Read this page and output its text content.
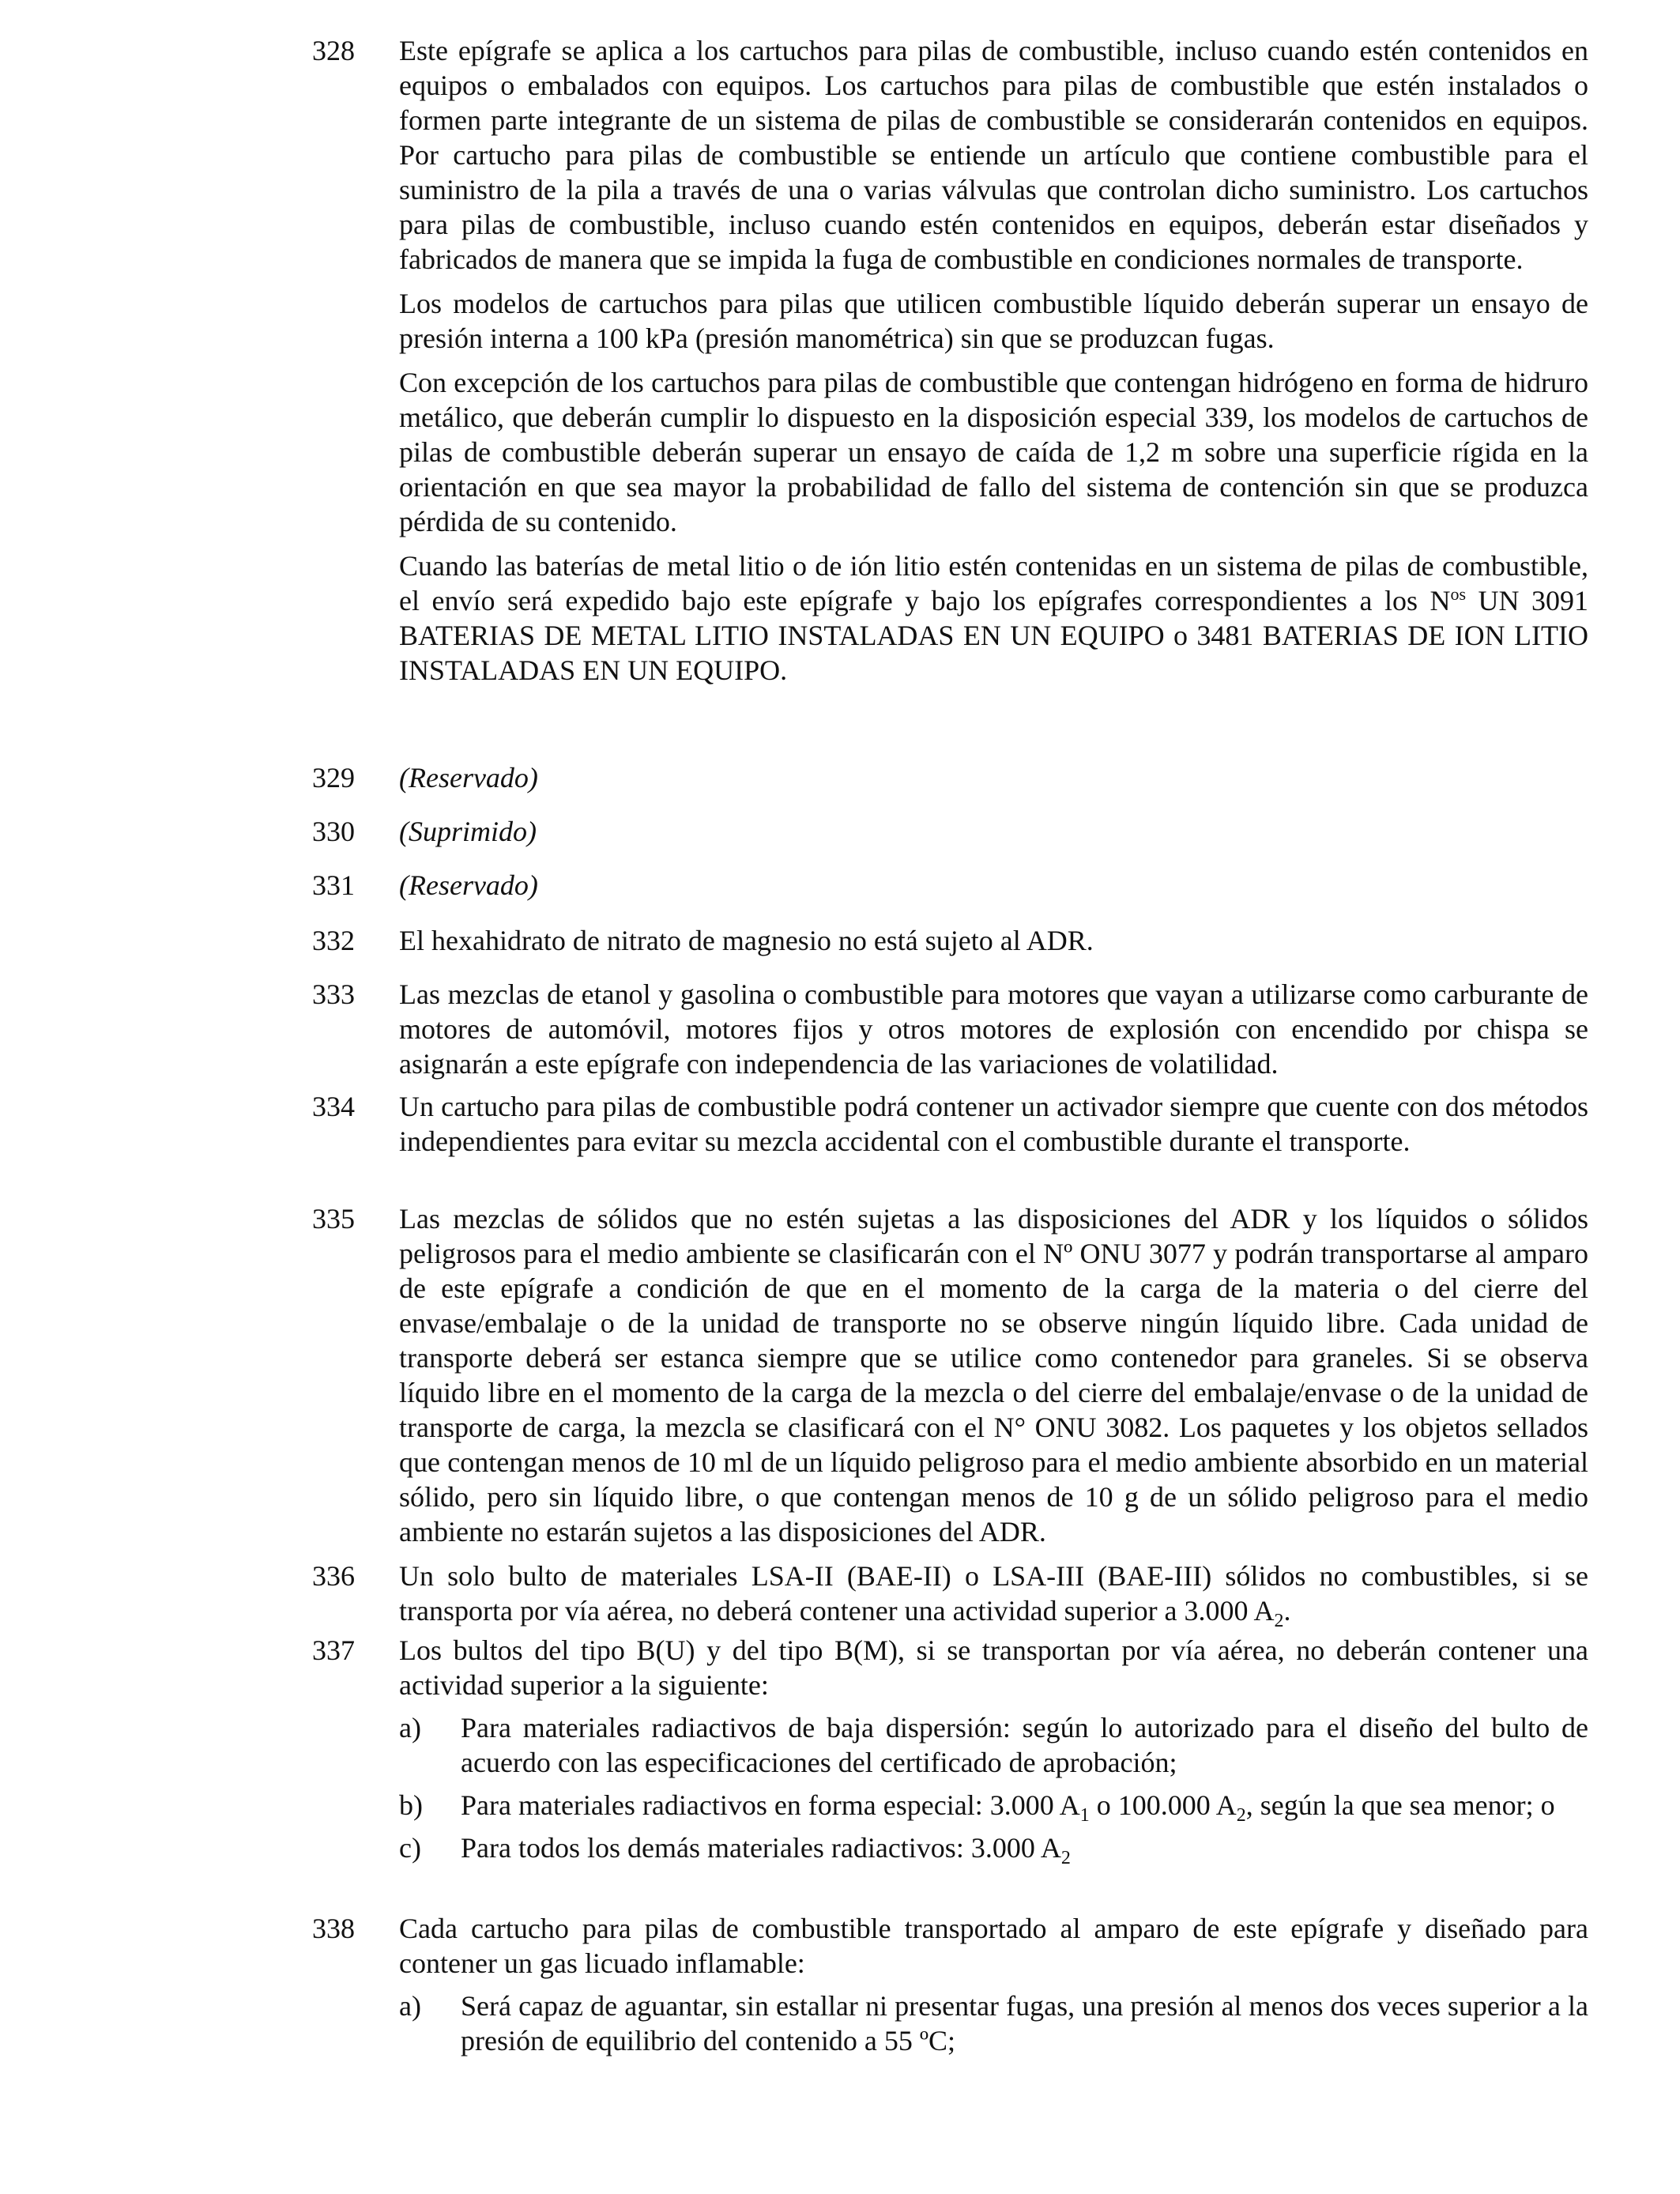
328	Este epígrafe se aplica a los cartuchos para pilas de combustible, incluso cuando estén contenidos en equipos o embalados con equipos. Los cartuchos para pilas de combustible que estén instalados o formen parte integrante de un sistema de pilas de combustible se considerarán contenidos en equipos. Por cartucho para pilas de combustible se entiende un artículo que contiene combustible para el suministro de la pila a través de una o varias válvulas que controlan dicho suministro. Los cartuchos para pilas de combustible, incluso cuando estén contenidos en equipos, deberán estar diseñados y fabricados de manera que se impida la fuga de combustible en condiciones normales de transporte.

Los modelos de cartuchos para pilas que utilicen combustible líquido deberán superar un ensayo de presión interna a 100 kPa (presión manométrica) sin que se produzcan fugas.

Con excepción de los cartuchos para pilas de combustible que contengan hidrógeno en forma de hidruro metálico, que deberán cumplir lo dispuesto en la disposición especial 339, los modelos de cartuchos de pilas de combustible deberán superar un ensayo de caída de 1,2 m sobre una superficie rígida en la orientación en que sea mayor la probabilidad de fallo del sistema de contención sin que se produzca pérdida de su contenido.

Cuando las baterías de metal litio o de ión litio estén contenidas en un sistema de pilas de combustible, el envío será expedido bajo este epígrafe y bajo los epígrafes correspondientes a los $N^{os}$ UN 3091 BATERIAS DE METAL LITIO INSTALADAS EN UN EQUIPO o 3481 BATERIAS DE ION LITIO INSTALADAS EN UN EQUIPO.

329	(Reservado)

330	(Suprimido)

331	(Reservado)

332	El hexahidrato de nitrato de magnesio no está sujeto al ADR.

333	Las mezclas de etanol y gasolina o combustible para motores que vayan a utilizarse como carburante de motores de automóvil, motores fijos y otros motores de explosión con encendido por chispa se asignarán a este epígrafe con independencia de las variaciones de volatilidad.

334	Un cartucho para pilas de combustible podrá contener un activador siempre que cuente con dos métodos independientes para evitar su mezcla accidental con el combustible durante el transporte.

335	Las mezclas de sólidos que no estén sujetas a las disposiciones del ADR y los líquidos o sólidos peligrosos para el medio ambiente se clasificarán con el Nº ONU 3077 y podrán transportarse al amparo de este epígrafe a condición de que en el momento de la carga de la materia o del cierre del envase/embalaje o de la unidad de transporte no se observe ningún líquido libre. Cada unidad de transporte deberá ser estanca siempre que se utilice como contenedor para graneles. Si se observa líquido libre en el momento de la carga de la mezcla o del cierre del embalaje/envase o de la unidad de transporte de carga, la mezcla se clasificará con el N° ONU 3082. Los paquetes y los objetos sellados que contengan menos de 10 ml de un líquido peligroso para el medio ambiente absorbido en un material sólido, pero sin líquido libre, o que contengan menos de 10 g de un sólido peligroso para el medio ambiente no estarán sujetos a las disposiciones del ADR.

336	Un solo bulto de materiales LSA-II (BAE-II) o LSA-III (BAE-III) sólidos no combustibles, si se transporta por vía aérea, no deberá contener una actividad superior a 3.000 $A_2$.

337	Los bultos del tipo B(U) y del tipo B(M), si se transportan por vía aérea, no deberán contener una actividad superior a la siguiente:

a) Para materiales radiactivos de baja dispersión: según lo autorizado para el diseño del bulto de acuerdo con las especificaciones del certificado de aprobación;
b) Para materiales radiactivos en forma especial: 3.000 $A_1$ o 100.000 $A_2$, según la que sea menor; o
c) Para todos los demás materiales radiactivos: 3.000 $A_2$
338	Cada cartucho para pilas de combustible transportado al amparo de este epígrafe y diseñado para contener un gas licuado inflamable:

a) Será capaz de aguantar, sin estallar ni presentar fugas, una presión al menos dos veces superior a la presión de equilibrio del contenido a 55 ºC;
